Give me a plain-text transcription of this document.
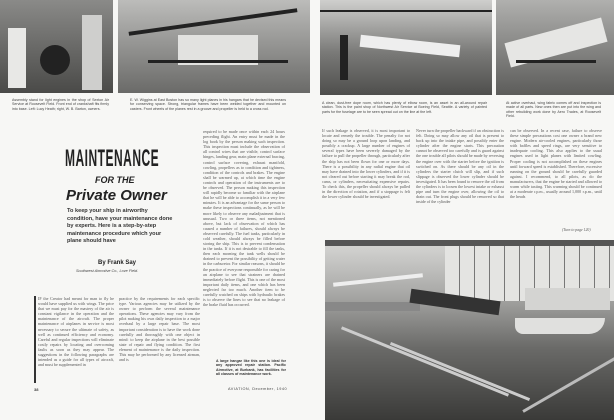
Assembly stand for light engines in the shop of Sexton Air Service at Roosevelt Field. Front end of crankshaft fits firmly into base. Left: Lucy Heath; right, W. B. Barton, owners.
E. W. Wiggins at East Boston has so many light planes in his hangars that he devised this means for conserving space. Strong, triangular frames have been welded together and mounted on casters. Front wheels of the planes rest in a groove and propeller is held to a cross rod.
MAINTENANCE
FOR THE
Private Owner
To keep your ship in airworthy condition, have your maintenance done by experts. Here is a step-by-step maintenance procedure which your plane should have
By Frank Say
Southwest Airmotive Co., Love Field.
IF the Creator had meant for man to fly he would have supplied us with wings. The price that we must pay for the mastery of the air is constant vigilance in the operation and the maintenance of the aircraft. The proper maintenance of airplanes in service is most necessary to secure the ultimate of safety, as well as continued efficiency and economy. Careful and regular inspections will eliminate costly repairs by locating and overcoming faults as soon as they may appear. The suggestions in the following paragraphs are intended as a guide for all types of aircraft, and must be supplemented in
practice by the requirements for each specific type. Various agencies may be utilized by the owner to perform the several maintenance operations. These agencies may vary from the pilot making his own daily inspection to a major overhaul by a large repair base. The most important consideration is to have the work done carefully and thoroughly with one object in mind: to keep the airplane in the best possible state of repair and flying condition. The first element of maintenance is the daily inspection. This may be performed by any licensed airman, and is
required to be made once within each 24 hours preceding flight. An entry must be made in the log book by the person making such inspection. This inspection must include the observation of all control wires that are visible, control surface hinges, landing gear, main plane external bracing, control surface covering, exhaust manifold, cowling, propellers as to condition and tightness, condition of the controls and brakes. The engine shall be warmed up, at which time the engine controls and operation of the instruments are to be observed. The person making this inspection will rapidly become so familiar with the airplane that he will be able to accomplish it in a very few minutes. It is an advantage for the same person to make these inspections continually, as he will be more likely to observe any maladjustment that is unusual. Two or three items, not mentioned above, but lack of observation of which has caused a number of failures, should always be observed carefully. The fuel tanks, particularly in cold weather, should always be filled before storing the ship. This is to prevent condensation in the tanks. If it is not desirable to fill the tanks, then each morning the tank wells should be drained to prevent the possibility of getting water in the carburetor. For similar reasons, it should be the practice of everyone responsible for caring for an airplane to see that strainers are drained immediately before flight. This is one of the most important daily items, and one which has been neglected far too much. Another item to be carefully watched on ships with hydraulic brakes is to observe the lines to see that no leakage of the brake fluid has occurred.
A large hangar like this one is ideal for any approved repair station. Pacific Airmotive, at Burbank, has facilities for all classes of maintenance work.
38	AVIATION, December, 1940
A clean, dust-free dope room, which has plenty of elbow room, is an asset in an all-around repair station. This is the paint shop of Northwest Air Service at Boeing Field, Seattle. A variety of painted parts for the fuselage are to be seen spread out on the line at the left.
At active overhaul, wing fabric comes off and inspection is made of all parts. New ones then are put into the wing and other rebuilding work done by Aero Trades, at Roosevelt Field.
If such leakage is observed, it is most important to locate and remedy the trouble. The penalty for not doing so may be a ground loop upon landing, and possibly a crackup. A large number of engines of several types have been severely damaged by the failure to pull the propeller through, particularly after the ship has not been flown for one or more days. There is a possibility in any radial engine that oil may have drained into the lower cylinders, and if it is not cleared out before starting it may break the rod, cams, or cylinders, necessitating expensive repairs. To check this, the propeller should always be pulled in the direction of rotation, and if a stoppage is felt the lower cylinder should be investigated.
Never turn the propeller backward if an obstruction is felt. Doing so may allow any oil that is present to back up into the intake pipe, and possibly enter the cylinder after the engine starts. This precaution cannot be observed too carefully and is guard against the one trouble all pilots should be made by reversing the engine over with the starter before the ignition is switched on. As there should be any oil in the cylinders the starter clutch will slip, and if such slippage is observed the lower cylinder should be investigated. It has been found to remove the oil from the cylinders is to loosen the lowest intake or exhaust pipe and turn the engine over, allowing the oil to drain out. The front plugs should be removed so that inside of the cylinder
can be observed. In a recent case, failure to observe these simple precautions cost one owner a brand new engine. Modern air-cooled engines, particularly those with baffles and speed rings, are very sensitive to inadequate cooling. This also applies to the usual engines used in light planes with limited cowling. Proper cooling is not accomplished on these engines until forward speed is established. Therefore, excessive running on the ground should be carefully guarded against. I recommend, to all pilots, as do the manufacturers, that the engine be started and allowed to warm while taxiing. This warming should be continued at a moderate r.p.m., usually around 1,000 r.p.m., until the heads
(Turn to page 120)
